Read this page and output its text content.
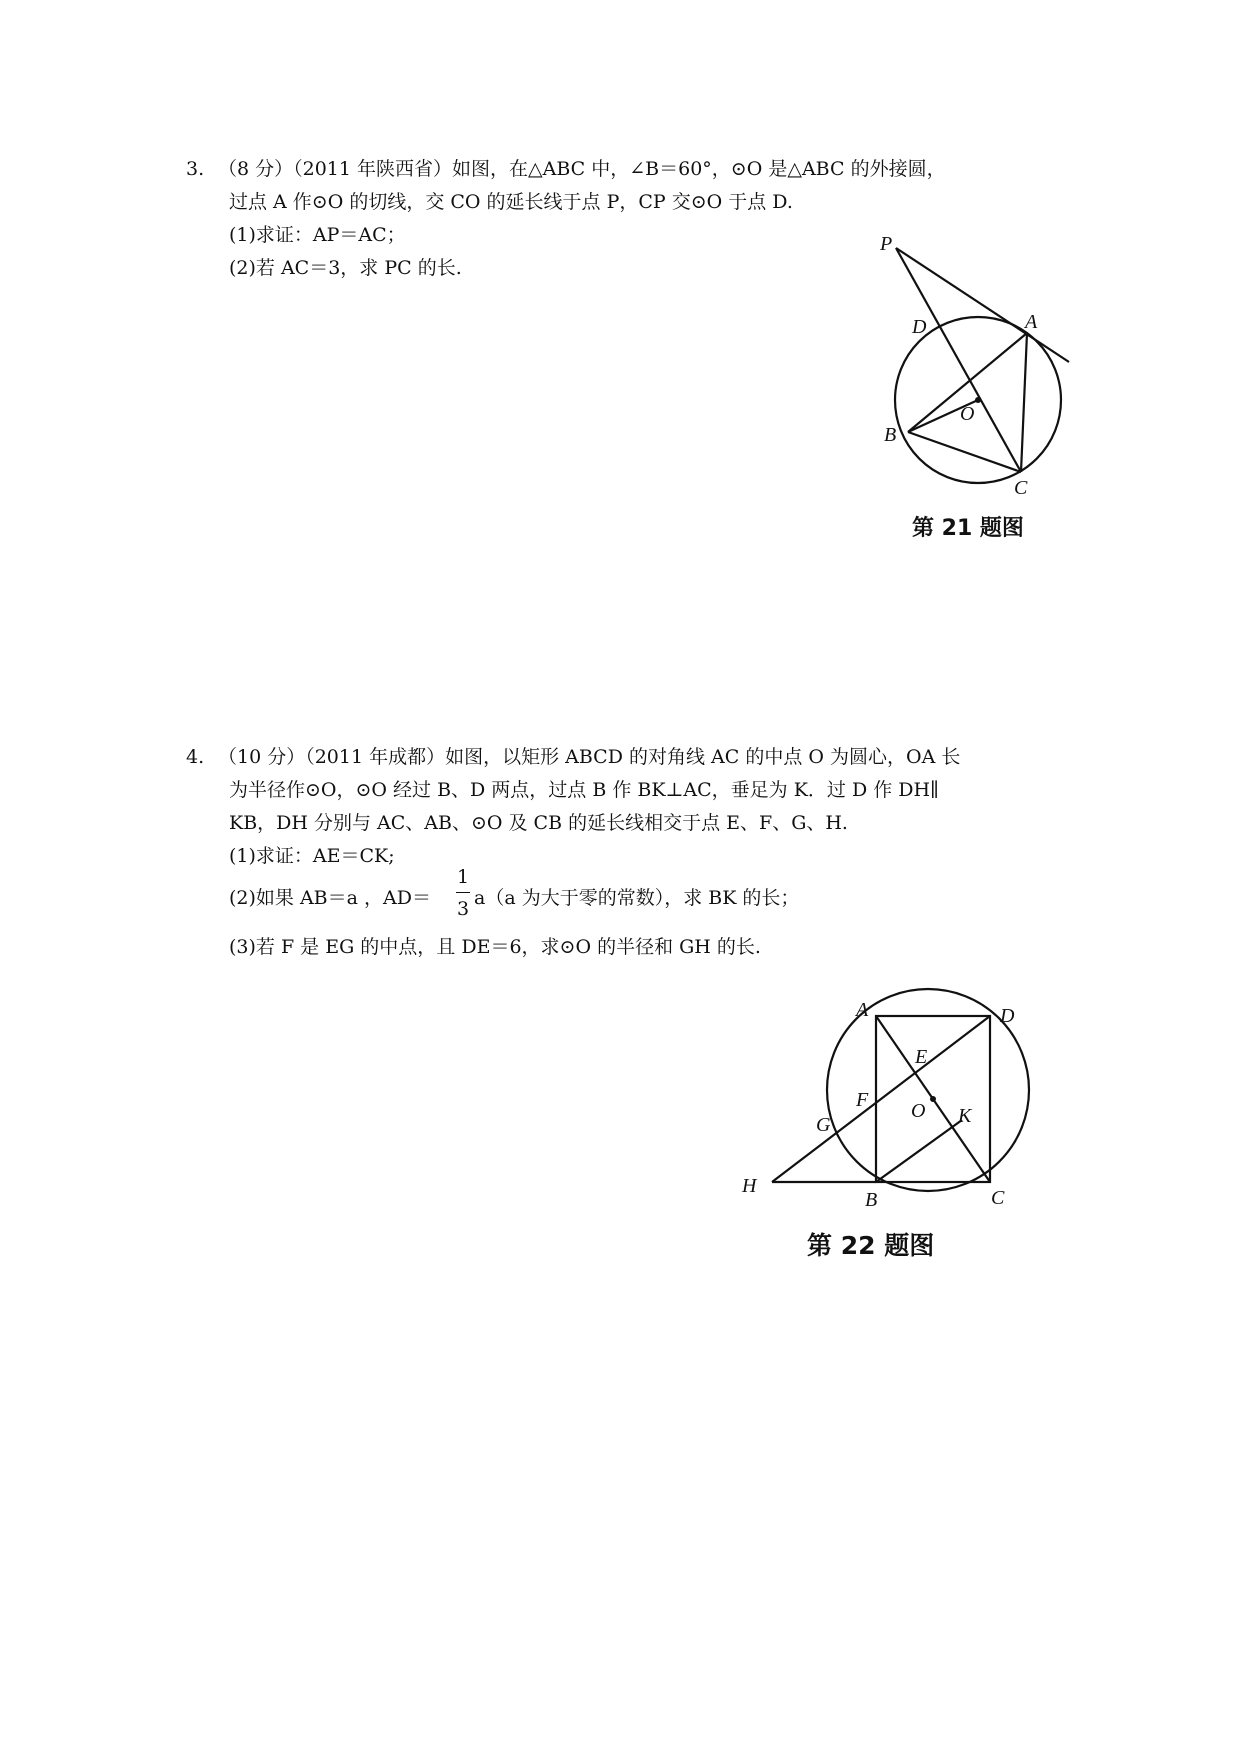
3. （8 分）（2011 年陕西省）如图，在△ABC 中，∠B＝60°，⊙O 是△ABC 的外接圆，
过点 A 作⊙O 的切线，交 CO 的延长线于点 P，CP 交⊙O 于点 D.
(1)求证：AP＝AC；
(2)若 AC＝3，求 PC 的长.
P
D	A
O
B
C
第 21 题图
4. （10 分）（2011 年成都）如图，以矩形 ABCD 的对角线 AC 的中点 O 为圆心，OA 长
为半径作⊙O，⊙O 经过 B、D 两点，过点 B 作 BK⊥AC，垂足为 K．过 D 作 DH∥
KB，DH 分别与 AC、AB、⊙O 及 CB 的延长线相交于点 E、F、G、H.
(1)求证：AE＝CK;
(2)如果 AB＝a ，AD＝
1
3 a（a 为大于零的常数），求 BK 的长；
(3)若 F 是 EG 的中点，且 DE＝6，求⊙O 的半径和 GH 的长.
A	D
E
F O K
G
H
B	C
第 22 题图
